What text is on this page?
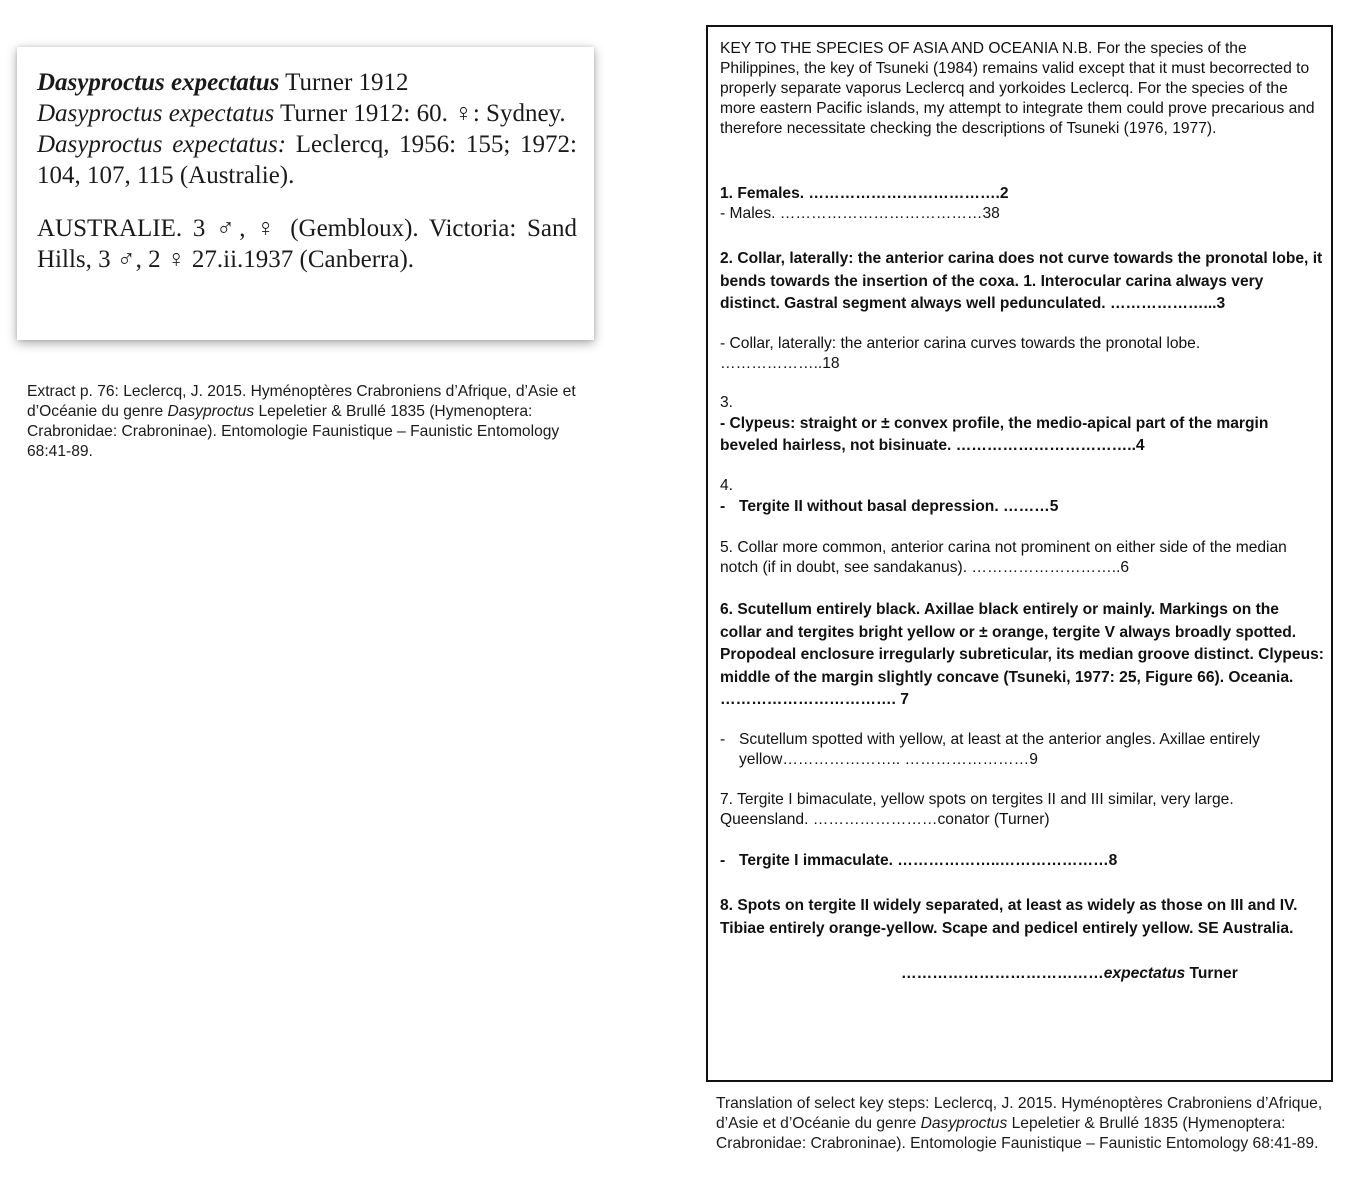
Dasyproctus expectatus Turner 1912

Dasyproctus expectatus Turner 1912: 60. ♀: Sydney.

Dasyproctus expectatus: Leclercq, 1956: 155; 1972: 104, 107, 115 (Australie).

AUSTRALIE. 3 ♂, ♀ (Gembloux). Victoria: Sand Hills, 3 ♂, 2 ♀ 27.ii.1937 (Canberra).

Extract p. 76: Leclercq, J. 2015. Hyménoptères Crabroniens d’Afrique, d’Asie et d’Océanie du genre Dasyproctus Lepeletier & Brullé 1835 (Hymenoptera: Crabronidae: Crabroninae). Entomologie Faunistique – Faunistic Entomology 68:41-89.

KEY TO THE SPECIES OF ASIA AND OCEANIA N.B. For the species of the Philippines, the key of Tsuneki (1984) remains valid except that it must becorrected to properly separate vaporus Leclercq and yorkoides Leclercq. For the species of the more eastern Pacific islands, my attempt to integrate them could prove precarious and therefore necessitate checking the descriptions of Tsuneki (1976, 1977).

1. Females. ……………………………….2

- Males. …………………………………38

2. Collar, laterally: the anterior carina does not curve towards the pronotal lobe, it bends towards the insertion of the coxa. 1. Interocular carina always very distinct. Gastral segment always well pedunculated. ………………...3

- Collar, laterally: the anterior carina curves towards the pronotal lobe. ………………..18

3.

- Clypeus: straight or ± convex profile, the medio-apical part of the margin beveled hairless, not bisinuate. ……………………………..4

4.

- Tergite II without basal depression. ………5

5. Collar more common, anterior carina not prominent on either side of the median notch (if in doubt, see sandakanus). ………………………..6

6. Scutellum entirely black. Axillae black entirely or mainly. Markings on the collar and tergites bright yellow or ± orange, tergite V always broadly spotted. Propodeal enclosure irregularly subreticular, its median groove distinct. Clypeus: middle of the margin slightly concave (Tsuneki, 1977: 25, Figure 66). Oceania. ……………………………. 7

- Scutellum spotted with yellow, at least at the anterior angles. Axillae entirely yellow………………….. ……………………9

7. Tergite I bimaculate, yellow spots on tergites II and III similar, very large. Queensland. ……………………conator (Turner)

- Tergite I immaculate. ………………..…………………8

8. Spots on tergite II widely separated, at least as widely as those on III and IV. Tibiae entirely orange-yellow. Scape and pedicel entirely yellow. SE Australia.

…………………………………expectatus Turner

Translation of select key steps: Leclercq, J. 2015. Hyménoptères Crabroniens d’Afrique, d’Asie et d’Océanie du genre Dasyproctus Lepeletier & Brullé 1835 (Hymenoptera: Crabronidae: Crabroninae). Entomologie Faunistique – Faunistic Entomology 68:41-89.
